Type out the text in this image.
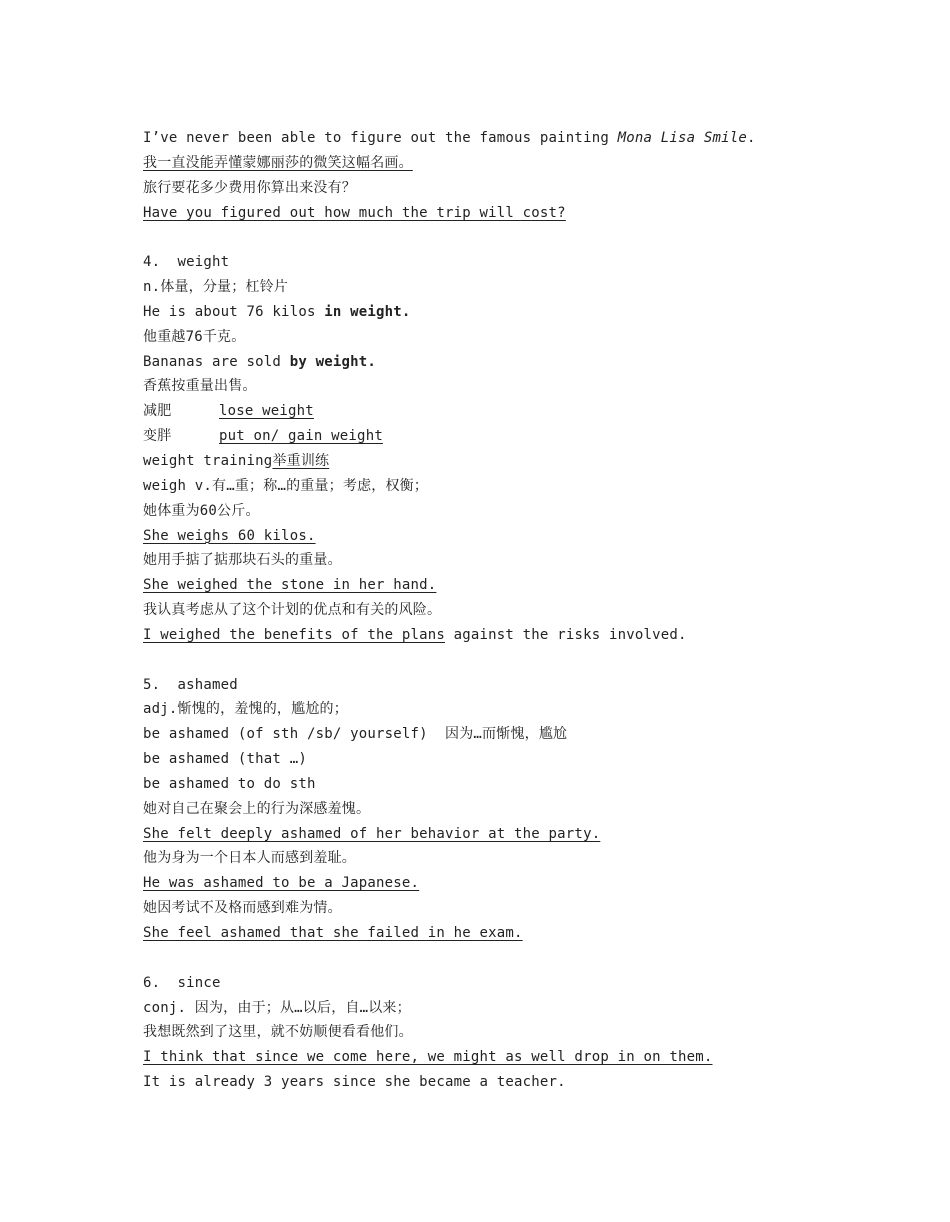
I’ve never been able to figure out the famous painting Mona Lisa Smile.
我一直没能弄懂蒙娜丽莎的微笑这幅名画。
旅行要花多少费用你算出来没有？
Have you figured out how much the trip will cost?
4.  weight
n.体量，分量；杠铃片
He is about 76 kilos in weight.
他重越76千克。
Bananas are sold by weight.
香蕉按重量出售。
减肥	lose weight
变胖	put on/ gain weight
weight training举重训练
weigh v.有…重；称…的重量；考虑，权衡；
她体重为60公斤。
She weighs 60 kilos.
她用手掂了掂那块石头的重量。
She weighed the stone in her hand.
我认真考虑从了这个计划的优点和有关的风险。
I weighed the benefits of the plans against the risks involved.
5.  ashamed
adj.惭愧的，羞愧的，尴尬的；
be ashamed (of sth /sb/ yourself)  因为…而惭愧，尴尬
be ashamed (that …)
be ashamed to do sth
她对自己在聚会上的行为深感羞愧。
She felt deeply ashamed of her behavior at the party.
他为身为一个日本人而感到羞耻。
He was ashamed to be a Japanese.
她因考试不及格而感到难为情。
She feel ashamed that she failed in he exam.
6.  since
conj. 因为，由于；从…以后，自…以来；
我想既然到了这里，就不妨顺便看看他们。
I think that since we come here, we might as well drop in on them.
It is already 3 years since she became a teacher.
